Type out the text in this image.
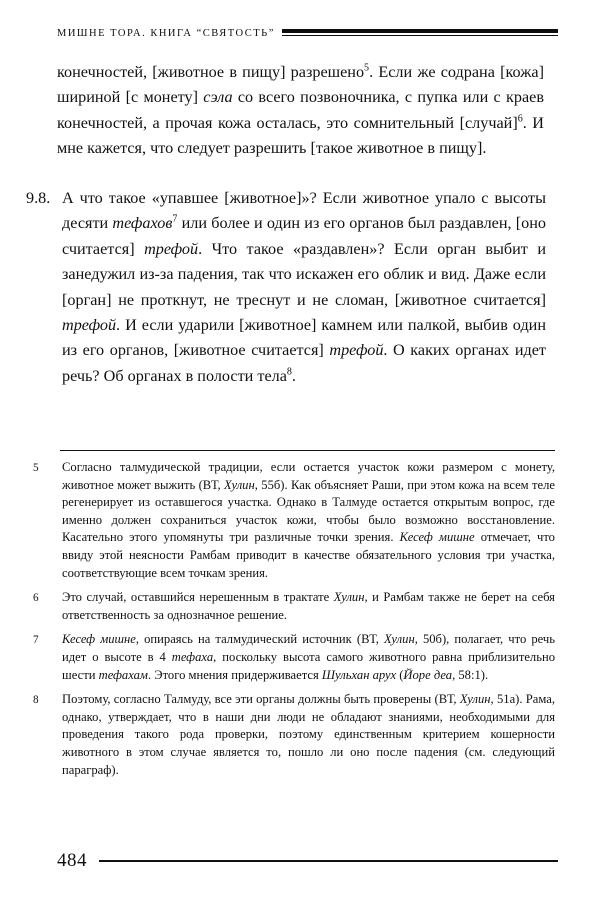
МИШНЕ ТОРА. КНИГА “СВЯТОСТЬ”

конечностей, [животное в пищу] разрешено$^5$. Если же содрана [кожа] шириной [с монету] сэла со всего позвоночника, с пупка или с краев конечностей, а прочая кожа осталась, это сомнительный [случай]$^6$. И мне кажется, что следует разрешить [такое животное в пищу].

9.8. А что такое «упавшее [животное]»? Если животное упало с высоты десяти тефахов$^7$ или более и один из его органов был раздавлен, [оно считается] трефой. Что такое «раздавлен»? Если орган выбит и занедужил из-за падения, так что искажен его облик и вид. Даже если [орган] не проткнут, не треснут и не сломан, [животное считается] трефой. И если ударили [животное] камнем или палкой, выбив один из его органов, [животное считается] трефой. О каких органах идет речь? Об органах в полости тела$^8$.
5	Согласно талмудической традиции, если остается участок кожи размером с монету, животное может выжить (ВТ, Хулин, 55б). Как объясняет Раши, при этом кожа на всем теле регенерирует из оставшегося участка. Однако в Талмуде остается открытым вопрос, где именно должен сохраниться участок кожи, чтобы было возможно восстановление. Касательно этого упомянуты три различные точки зрения. Кесеф мишне отмечает, что ввиду этой неясности Рамбам приводит в качестве обязательного условия три участка, соответствующие всем точкам зрения.
6	Это случай, оставшийся нерешенным в трактате Хулин, и Рамбам также не берет на себя ответственность за однозначное решение.
7	Кесеф мишне, опираясь на талмудический источник (ВТ, Хулин, 50б), полагает, что речь идет о высоте в 4 тефаха, поскольку высота самого животного равна приблизительно шести тефахам. Этого мнения придерживается Шульхан арух (Йоре деа, 58:1).
8	Поэтому, согласно Талмуду, все эти органы должны быть проверены (ВТ, Хулин, 51а). Рама, однако, утверждает, что в наши дни люди не обладают знаниями, необходимыми для проведения такого рода проверки, поэтому единственным критерием кошерности животного в этом случае является то, пошло ли оно после падения (см. следующий параграф).
484
